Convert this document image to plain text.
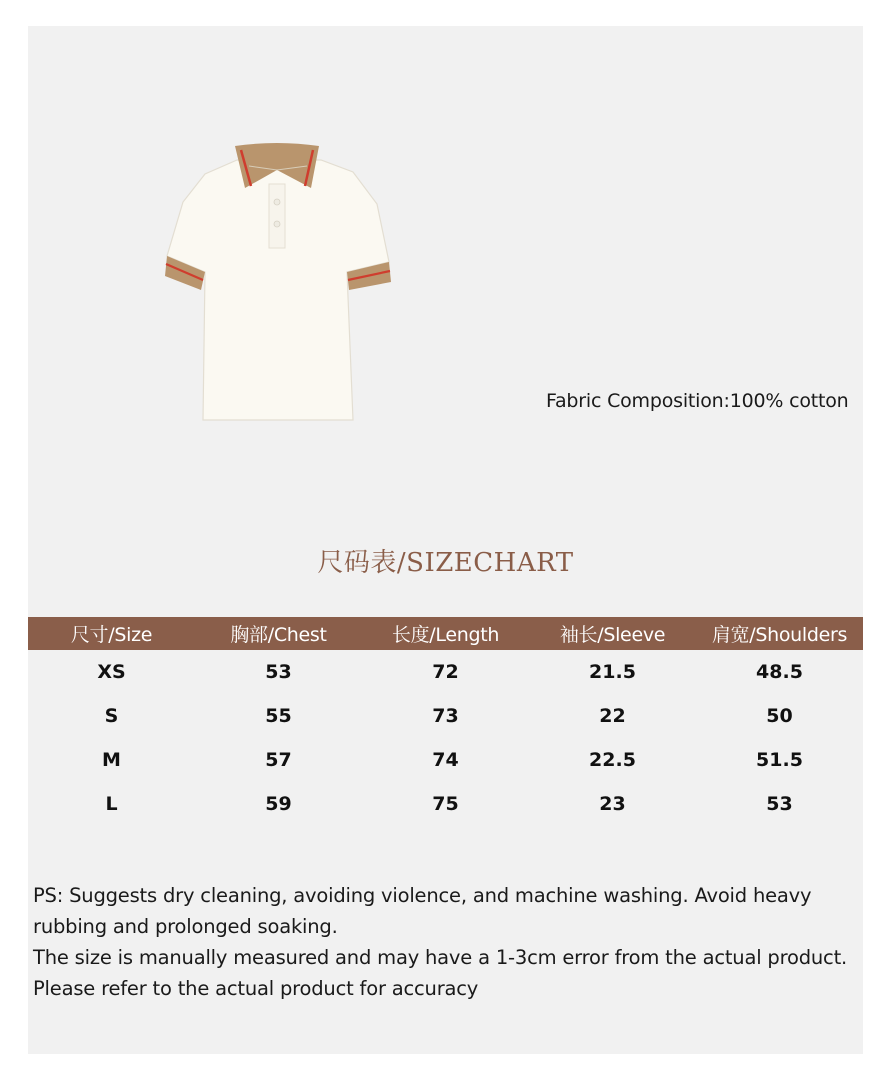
Fabric Composition:100% cotton
尺码表/SIZECHART
尺寸/Size	胸部/Chest	长度/Length	袖长/Sleeve	肩宽/Shoulders
XS	53	72	21.5	48.5
S	55	73	22	50
M	57	74	22.5	51.5
L	59	75	23	53

PS: Suggests dry cleaning, avoiding violence, and machine washing. Avoid heavy rubbing and prolonged soaking.

The size is manually measured and may have a 1-3cm error from the actual product.

Please refer to the actual product for accuracy
